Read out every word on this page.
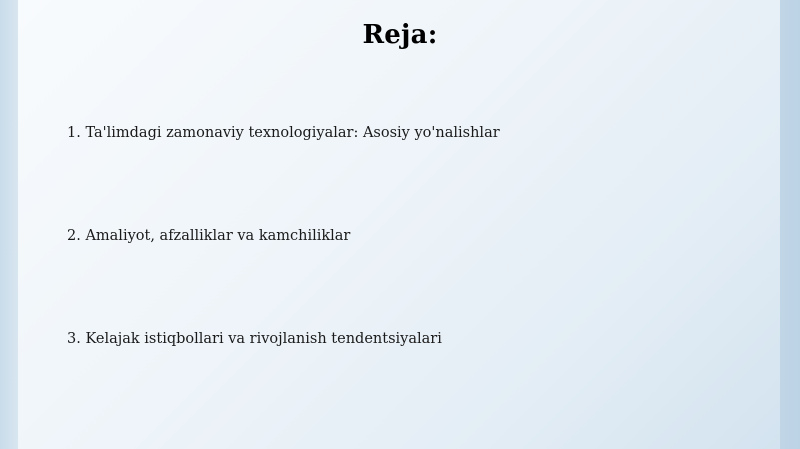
Reja:
1. Ta'limdagi zamonaviy texnologiyalar: Asosiy yo'nalishlar
2. Amaliyot, afzalliklar va kamchiliklar
3. Kelajak istiqbollari va rivojlanish tendentsiyalari
